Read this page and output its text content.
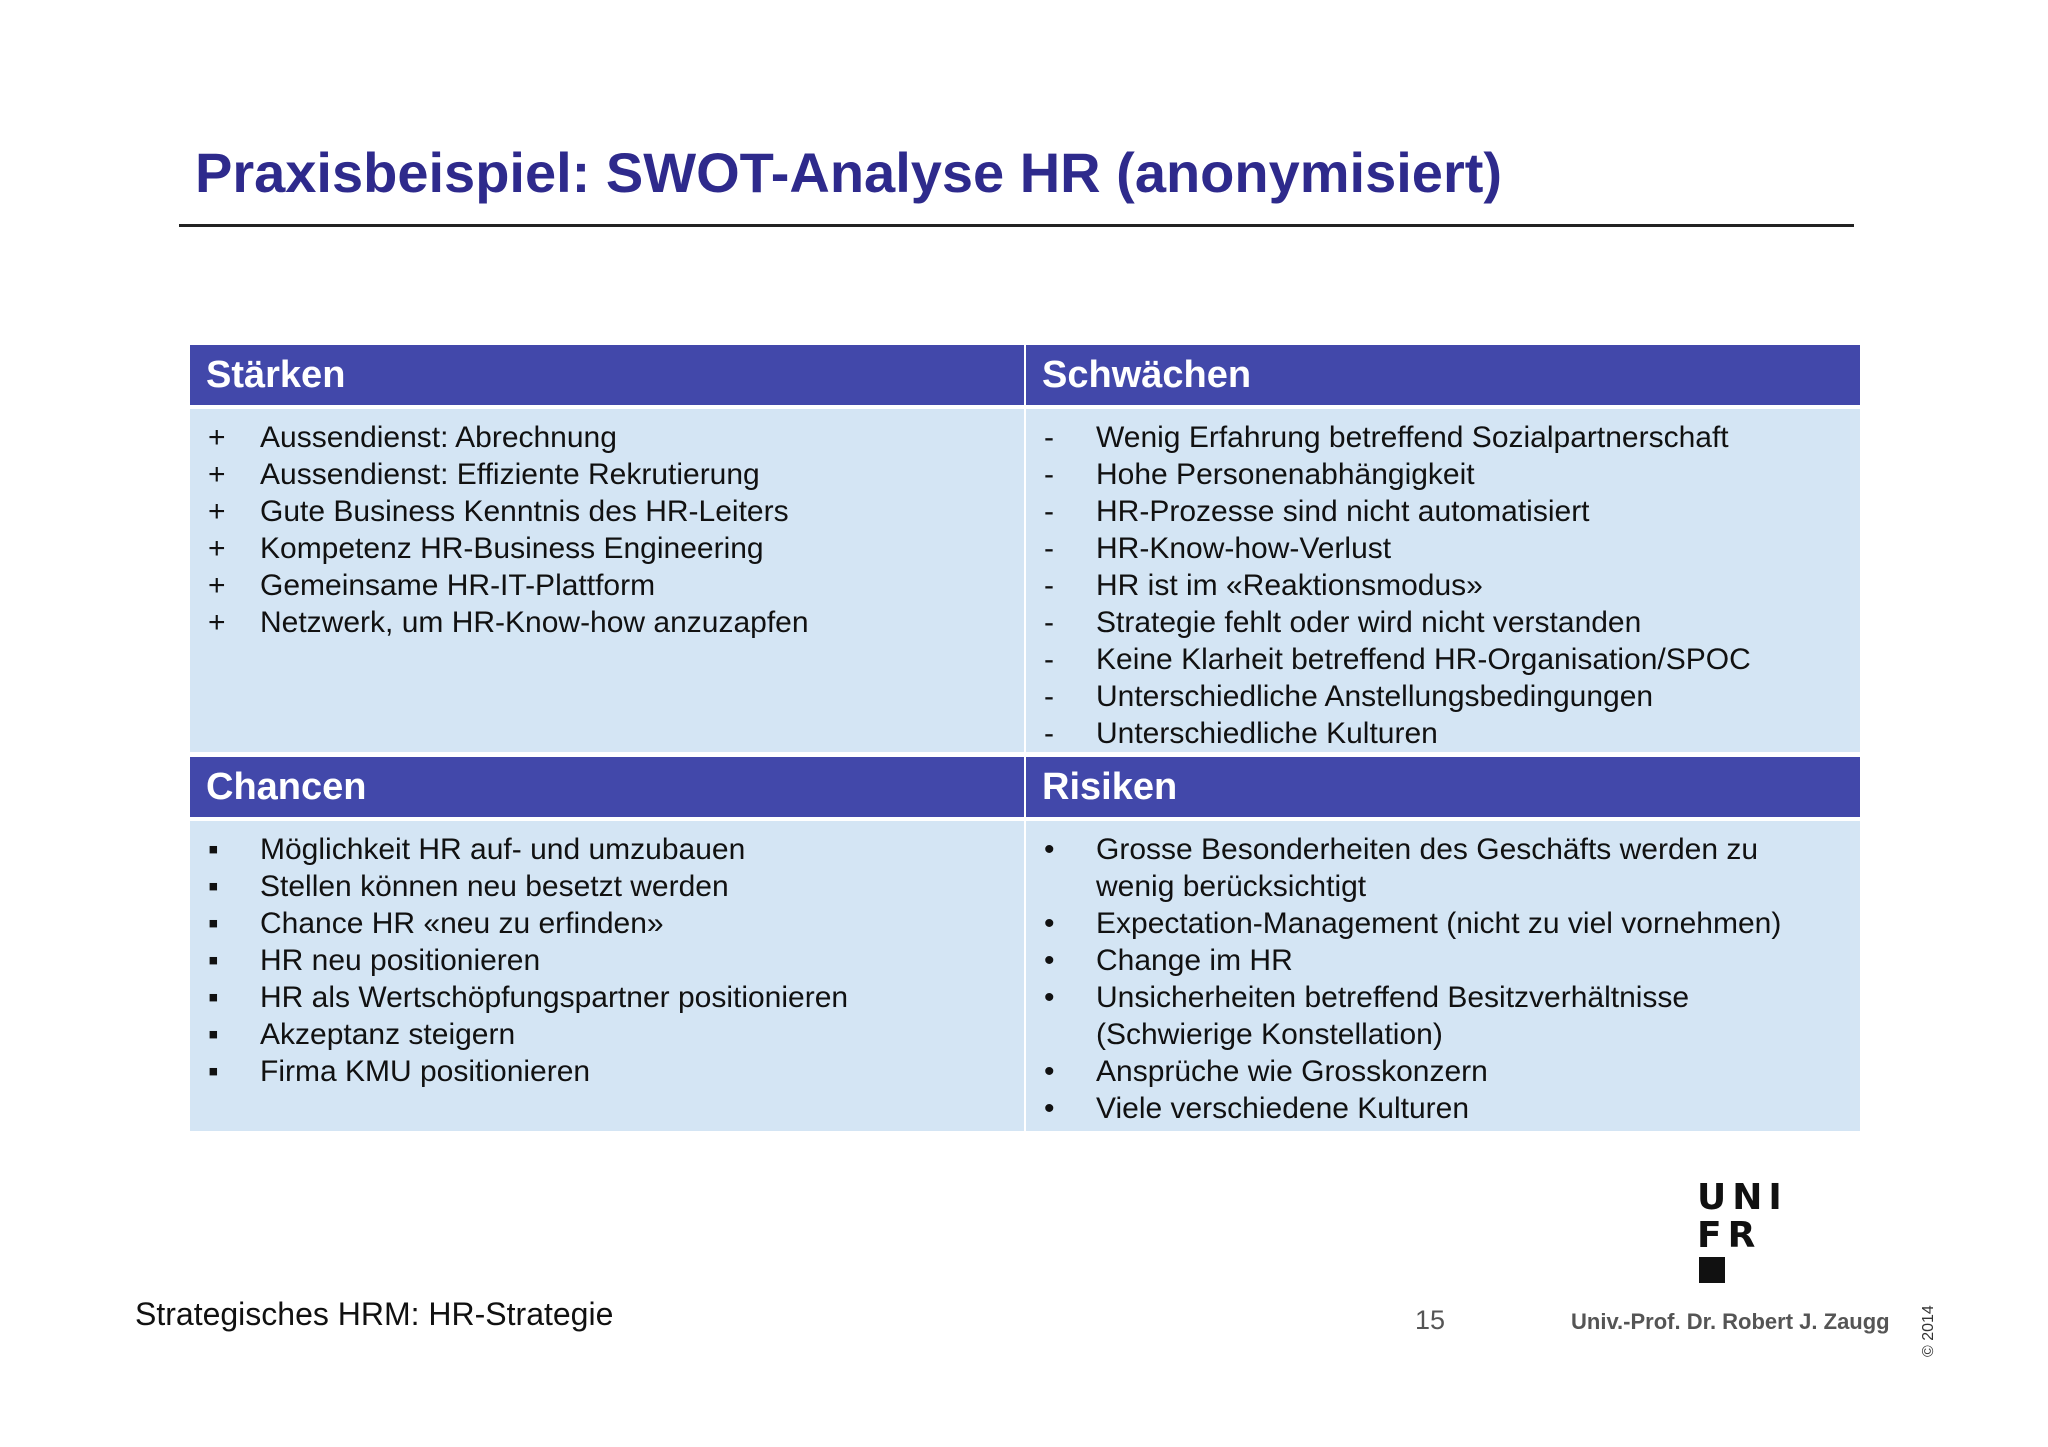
Praxisbeispiel: SWOT-Analyse HR (anonymisiert)
Stärken	Schwächen
+	Aussendienst: Abrechnung
+	Aussendienst: Effiziente Rekrutierung
+	Gute Business Kenntnis des HR-Leiters
+	Kompetenz HR-Business Engineering
+	Gemeinsame HR-IT-Plattform
+	Netzwerk, um HR-Know-how anzuzapfen
-	Wenig Erfahrung betreffend Sozialpartnerschaft
-	Hohe Personenabhängigkeit
-	HR-Prozesse sind nicht automatisiert
-	HR-Know-how-Verlust
-	HR ist im «Reaktionsmodus»
-	Strategie fehlt oder wird nicht verstanden
-	Keine Klarheit betreffend HR-Organisation/SPOC
-	Unterschiedliche Anstellungsbedingungen
-	Unterschiedliche Kulturen
Chancen	Risiken
▪	Möglichkeit HR auf- und umzubauen
▪	Stellen können neu besetzt werden
▪	Chance HR «neu zu erfinden»
▪	HR neu positionieren
▪	HR als Wertschöpfungspartner positionieren
▪	Akzeptanz steigern
▪	Firma KMU positionieren
•	Grosse Besonderheiten des Geschäfts werden zu wenig berücksichtigt
•	Expectation-Management (nicht zu viel vornehmen)
•	Change im HR
•	Unsicherheiten betreffend Besitzverhältnisse (Schwierige Konstellation)
•	Ansprüche wie Grosskonzern
•	Viele verschiedene Kulturen
UNI
FR
Strategisches HRM: HR-Strategie	15	Univ.-Prof. Dr. Robert J. Zaugg © 2014
